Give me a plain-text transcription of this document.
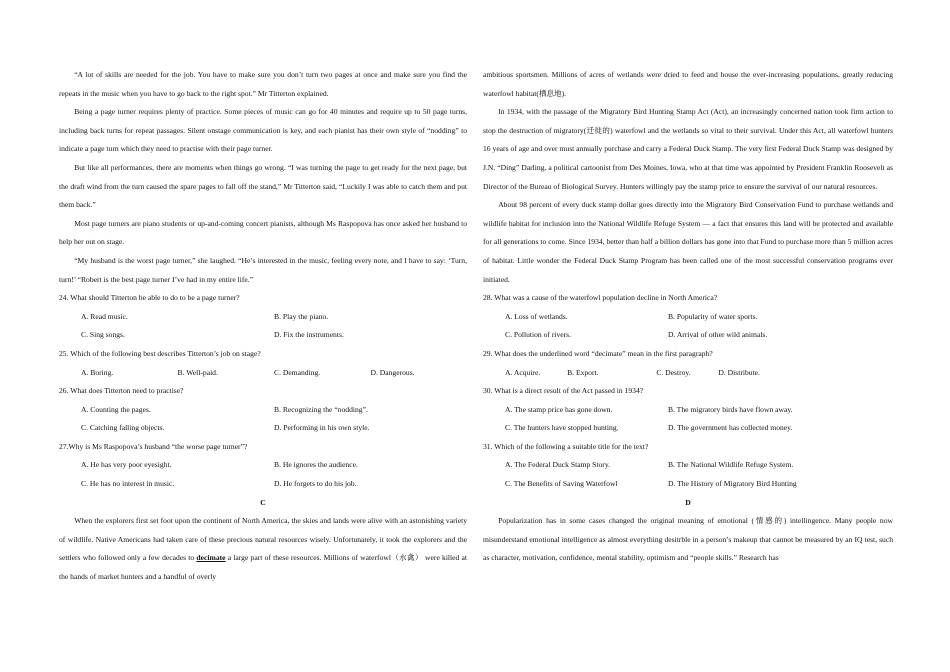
“A lot of skills are needed for the job. You have to make sure you don’t turn two pages at once and make sure you find the repeats in the music when you have to go back to the right spot.” Mr Titterton explained.

Being a page turner requires plenty of practice. Some pieces of music can go for 40 minutes and require up to 50 page turns, including back turns for repeat passages. Silent onstage communication is key, and each pianist has their own style of “nodding” to indicate a page turn which they need to practise with their page turner.

But like all performances, there are moments when things go wrong. “I was turning the page to get ready for the next page, but the draft wind from the turn caused the spare pages to fall off the stand,” Mr Titterton said, “Luckily I was able to catch them and put them back.”

Most page turners are piano students or up-and-coming concert pianists, although Ms Raspopova has once asked her husband to help her out on stage.

“My husband is the worst page turner,” she laughed. “He’s interested in the music, feeling every note, and I have to say: ‘Turn, turn!’ “Robert is the best page turner I’ve had in my entire life.”

24. What should Titterton be able to do to be a page turner?

A. Read music.	B. Play the piano.
C. Sing songs.	D. Fix the instruments.

25. Which of the following best describes Titterton’s job on stage?

A. Boring.	B. Well-paid.	C. Demanding.	D. Dangerous.

26. What does Titterton need to practise?

A. Counting the pages.	B. Recognizing the “nodding”.
C. Catching falling objects.	D. Performing in his own style.

27.Why is Ms Raspopova’s husband “the worse page turner”?

A. He has very poor eyesight.	B. He ignores the audience.
C. He has no interest in music.	D. He forgets to do his job.

C

When the explorers first set foot upon the continent of North America, the skies and lands were alive with an astonishing variety of wildlife. Native Americans had taken care of these precious natural resources wisely. Unfortunately, it took the explorers and the settlers who followed only a few decades to decimate a large part of these resources. Millions of waterfowl（水禽） were killed at the hands of market hunters and a handful of overly

ambitious sportsmen. Millions of acres of wetlands were dried to feed and house the ever-increasing populations, greatly reducing waterfowl habitat(栖息地).

In 1934, with the passage of the Migratory Bird Hunting Stamp Act (Act), an increasingly concerned nation took firm action to stop the destruction of migratory(迁徙的) waterfowl and the wetlands so vital to their survival. Under this Act, all waterfowl hunters 16 years of age and over must annually purchase and carry a Federal Duck Stamp. The very first Federal Duck Stamp was designed by J.N. “Ding” Darling, a political cartoonist from Des Moines, Iowa, who at that time was appointed by President Franklin Roosevelt as Director of the Bureau of Biological Survey. Hunters willingly pay the stamp price to ensure the survival of our natural resources.

About 98 percent of every duck stamp dollar goes directly into the Migratory Bird Conservation Fund to purchase wetlands and wildlife habitat for inclusion into the National Wildlife Refuge System — a fact that ensures this land will be protected and available for all generations to come. Since 1934, better than half a billion dollars has gone into that Fund to purchase more than 5 million acres of habitat. Little wonder the Federal Duck Stamp Program has been called one of the most successful conservation programs ever initiated.

28. What was a cause of the waterfowl population decline in North America?

A. Loss of wetlands.	B. Popularity of water sports.
C. Pollution of rivers.	D. Arrival of other wild animals.

29. What does the underlined word “decimate” mean in the first paragraph?

A. Acquire.	B. Export.	C. Destroy.	D. Distribute.

30. What is a direct result of the Act passed in 1934?

A. The stamp price has gone down.	B. The migratory birds have flown away.
C. The hunters have stopped hunting.	D. The government has collected money.

31. Which of the following a suitable title for the text?

A. The Federal Duck Stamp Story.	B. The National Wildlife Refuge System.
C. The Benefits of Saving Waterfowl	D. The History of Migratory Bird Hunting

D

Popularization has in some cases changed the original meaning of emotional (情感的) intellingence. Many people now misunderstand emotional intelligence as almost everything desitrble in a person’s makeup that cannot be measured by an IQ test, such as character, motivation, confidence, mental stability, optimism and “people skills.” Research has
